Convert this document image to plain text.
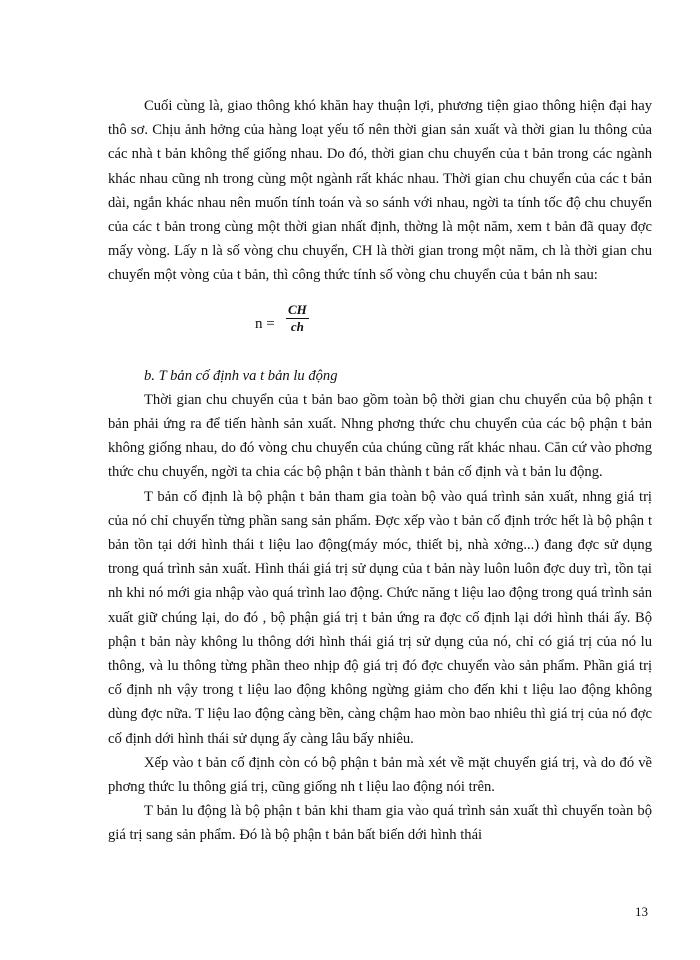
Cuối cùng là, giao thông khó khăn hay thuận lợi, phương tiện giao thông hiện đại hay thô sơ. Chịu ảnh hởng của hàng loạt yếu tố nên thời gian sản xuất và thời gian lu thông của các nhà t bản không thể giống nhau. Do đó, thời gian chu chuyển của t bản trong các ngành khác nhau cũng nh trong cùng một ngành rất khác nhau. Thời gian chu chuyển của các t bản dài, ngắn khác nhau nên muốn tính toán và so sánh với nhau, ngời ta tính tốc độ chu chuyển của các t bản trong cùng một thời gian nhất định, thờng là một năm, xem t bản đã quay đợc mấy vòng. Lấy n là số vòng chu chuyển, CH là thời gian trong một năm, ch là thời gian chu chuyển một vòng của t bản, thì công thức tính số vòng chu chuyển của t bản nh sau:

$n = \frac{CH}{ch}$

b. T bản cố định va t bản lu động

Thời gian chu chuyển của t bản bao gồm toàn bộ thời gian chu chuyển của bộ phận t bản phải ứng ra để tiến hành sản xuất. Nhng phơng thức chu chuyển của các bộ phận t bản không giống nhau, do đó vòng chu chuyển của chúng cũng rất khác nhau. Căn cứ vào phơng thức chu chuyển, ngời ta chia các bộ phận t bản thành t bản cố định và t bản lu động.

T bản cố định là bộ phận t bản tham gia toàn bộ vào quá trình sản xuất, nhng giá trị của nó chỉ chuyển từng phần sang sản phẩm. Đợc xếp vào t bản cố định trớc hết là bộ phận t bản tồn tại dới hình thái t liệu lao động(máy móc, thiết bị, nhà xởng...) đang đợc sử dụng trong quá trình sản xuất. Hình thái giá trị sử dụng của t bản này luôn luôn đợc duy trì, tồn tại nh khi nó mới gia nhập vào quá trình lao động. Chức năng t liệu lao động trong quá trình sản xuất giữ chúng lại, do đó , bộ phận giá trị t bản ứng ra đợc cố định lại dới hình thái ấy. Bộ phận t bản này không lu thông dới hình thái giá trị sử dụng của nó, chỉ có giá trị của nó lu thông, và lu thông từng phần theo nhịp độ giá trị đó đợc chuyển vào sản phẩm. Phần giá trị cố định nh vậy trong t liệu lao động không ngừng giảm cho đến khi t liệu lao động không dùng đợc nữa. T liệu lao động càng bền, càng chậm hao mòn bao nhiêu thì giá trị của nó đợc cố định dới hình thái sử dụng ấy càng lâu bấy nhiêu.

Xếp vào t bản cố định còn có bộ phận t bản mà xét về mặt chuyển giá trị, và do đó về phơng thức lu thông giá trị, cũng giống nh t liệu lao động nói trên.

T bản lu động là bộ phận t bản khi tham gia vào quá trình sản xuất thì chuyển toàn bộ giá trị sang sản phẩm. Đó là bộ phận t bản bất biến dới hình thái

13
